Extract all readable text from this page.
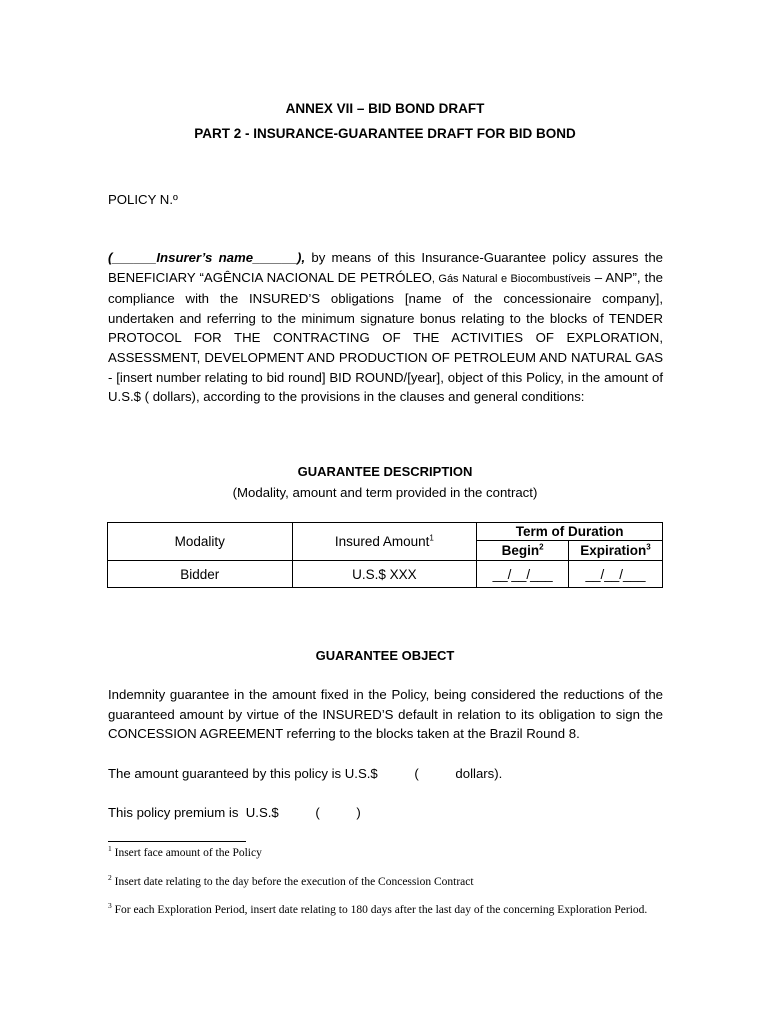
ANNEX VII – BID BOND DRAFT
PART 2 - INSURANCE-GUARANTEE DRAFT FOR BID BOND
POLICY N.º
(______Insurer’s name______), by means of this Insurance-Guarantee policy assures the BENEFICIARY “AGÊNCIA NACIONAL DE PETRÓLEO, Gás Natural e Biocombustíveis – ANP”, the compliance with the INSURED’S obligations [name of the concessionaire company], undertaken and referring to the minimum signature bonus relating to the blocks of TENDER PROTOCOL FOR THE CONTRACTING OF THE ACTIVITIES OF EXPLORATION, ASSESSMENT, DEVELOPMENT AND PRODUCTION OF PETROLEUM AND NATURAL GAS - [insert number relating to bid round] BID ROUND/[year], object of this Policy, in the amount of U.S.$ ( dollars), according to the provisions in the clauses and general conditions:
GUARANTEE DESCRIPTION
(Modality, amount and term provided in the contract)
Modality	Insured Amount$^1$	Term of Duration	
		Begin$^2$	Expiration$^3$
Bidder	U.S.$ XXX	__/__/___	__/__/___
GUARANTEE OBJECT
Indemnity guarantee in the amount fixed in the Policy, being considered the reductions of the guaranteed amount by virtue of the INSURED’S default in relation to its obligation to sign the CONCESSION AGREEMENT referring to the blocks taken at the Brazil Round 8.
The amount guaranteed by this policy is U.S.$          (          dollars).
This policy premium is  U.S.$          (          )
$^1$ Insert face amount of the Policy
$^2$ Insert date relating to the day before the execution of the Concession Contract
$^3$ For each Exploration Period, insert date relating to 180 days after the last day of the concerning Exploration Period.
